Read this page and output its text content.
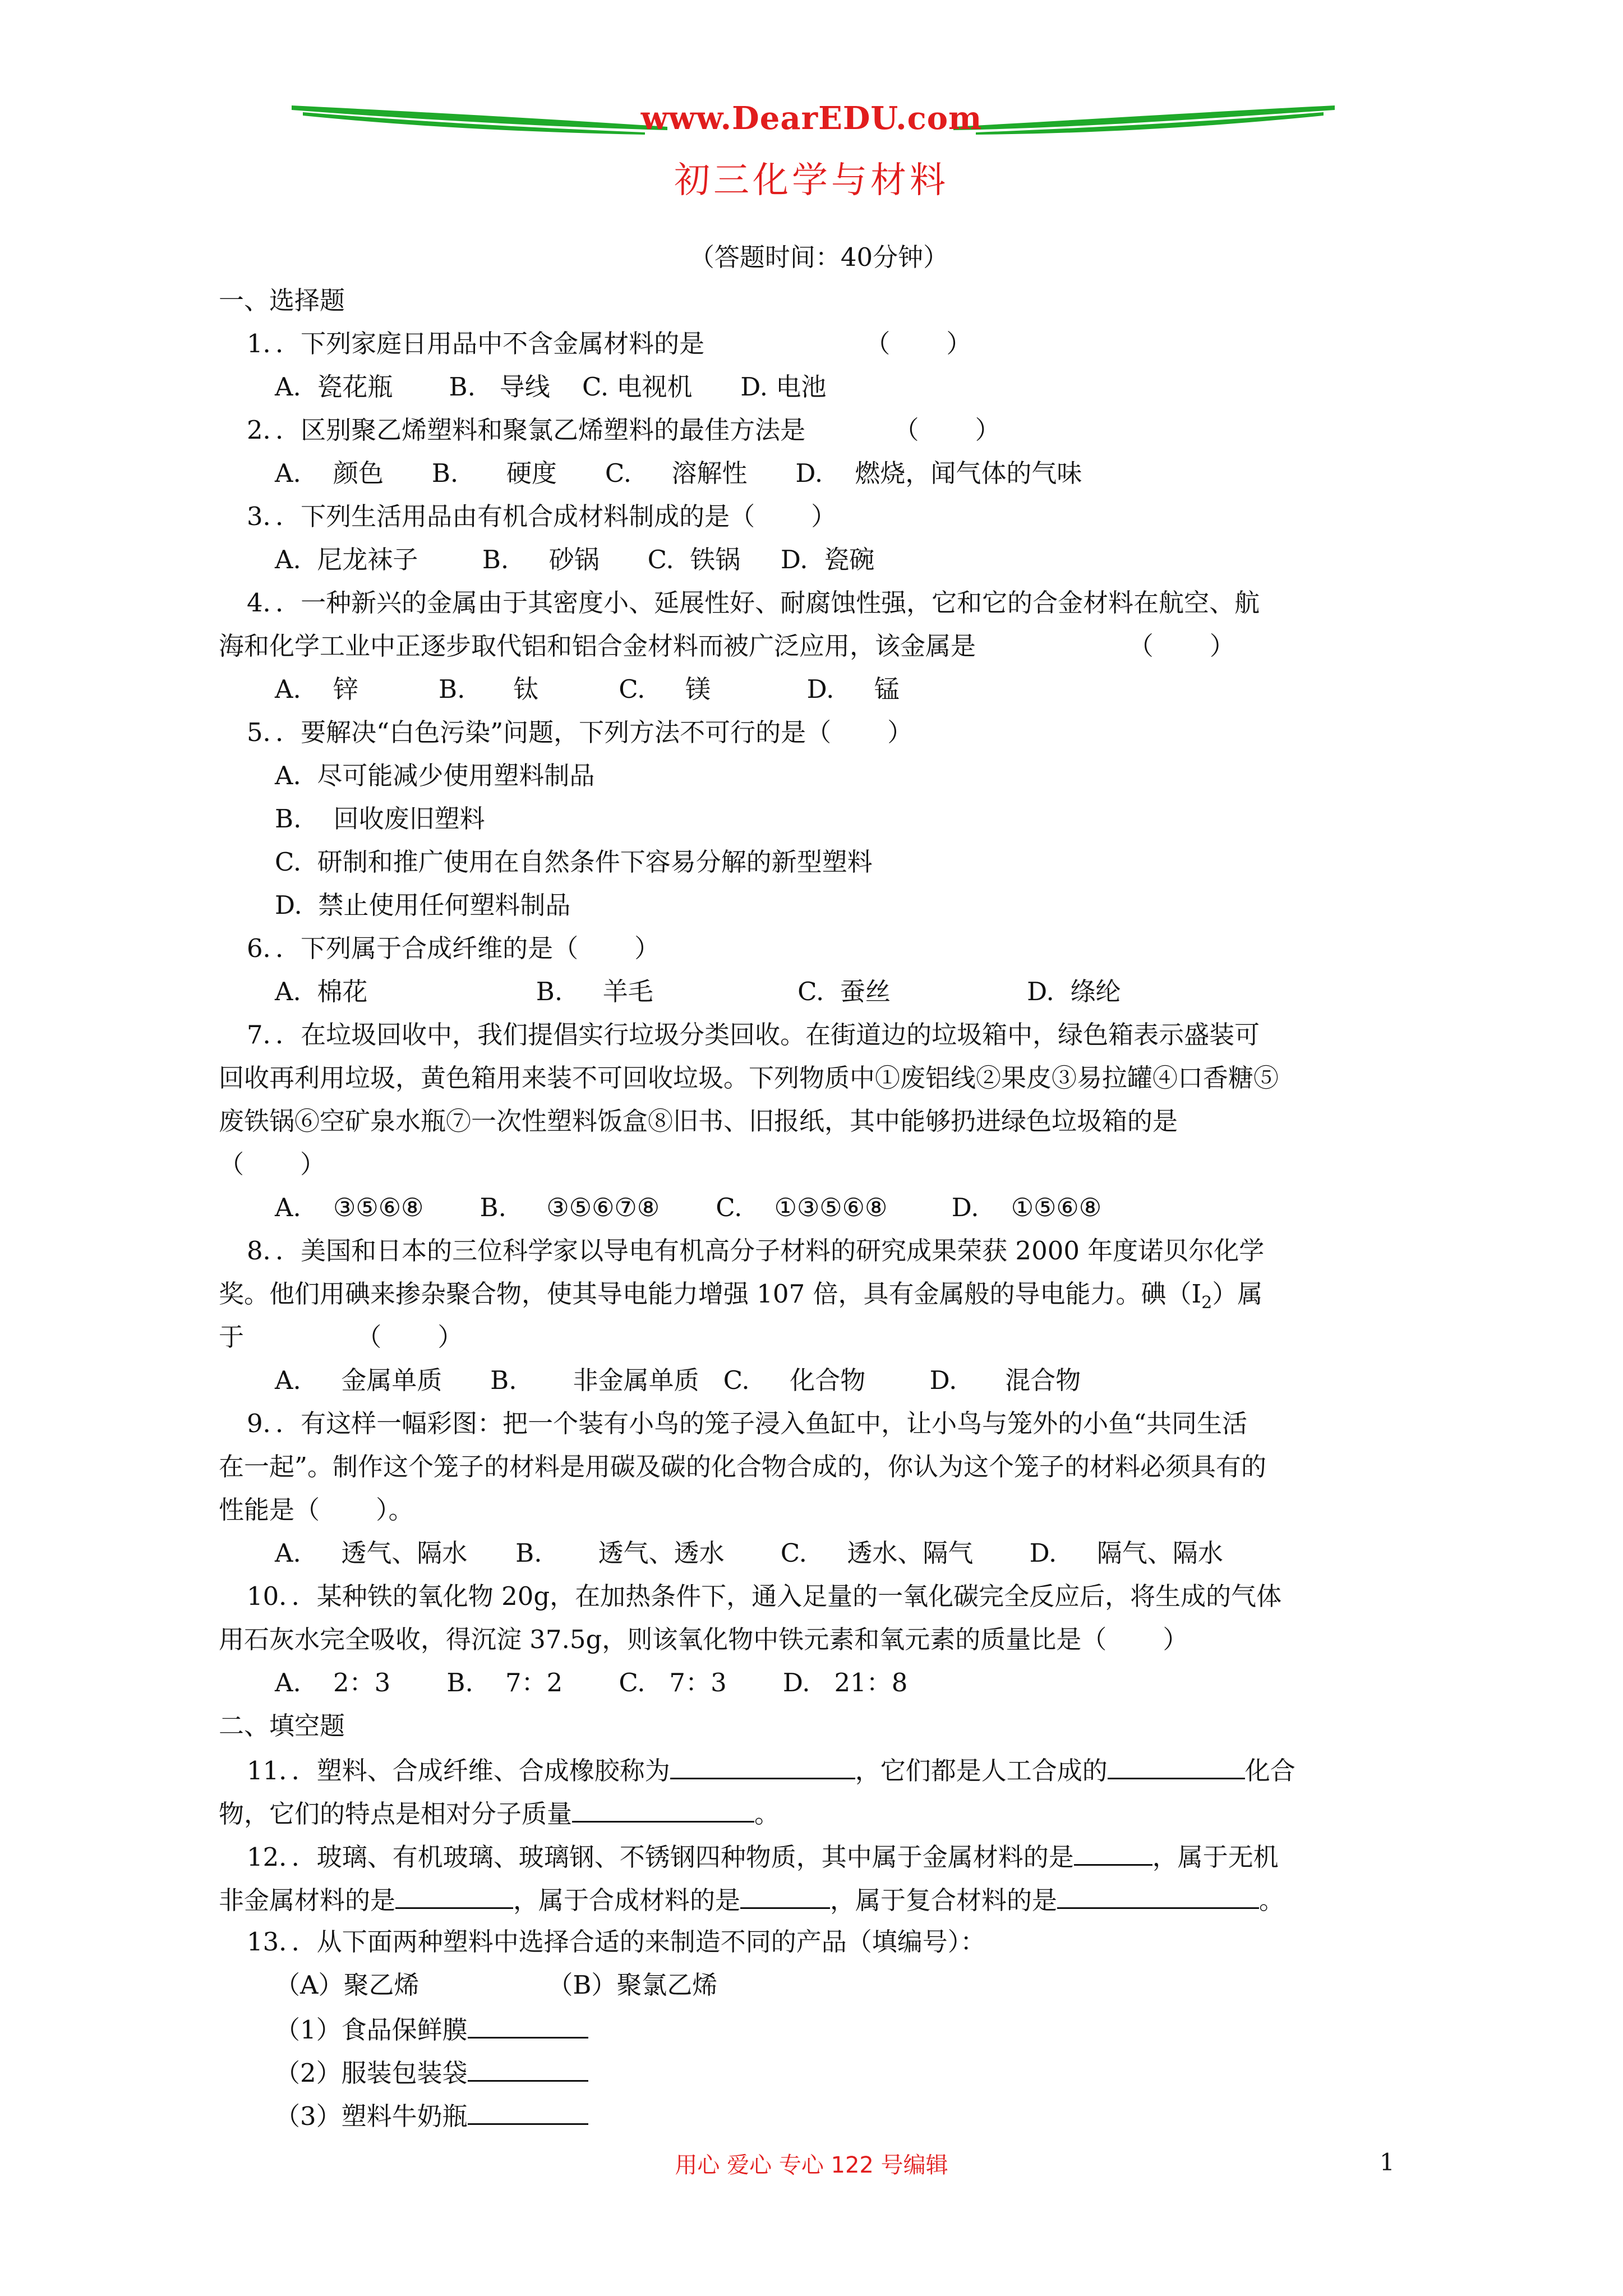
www.DearEDU.com
初三化学与材料
（答题时间：40分钟）
一、选择题
1．．下列家庭日用品中不含金属材料的是                    （       ）
A.  瓷花瓶       B.   导线    C. 电视机      D. 电池
2．．区别聚乙烯塑料和聚氯乙烯塑料的最佳方法是           （       ）
A.    颜色      B.      硬度      C.     溶解性      D.    燃烧，闻气体的气味
3．．下列生活用品由有机合成材料制成的是（       ）
A.  尼龙袜子        B.     砂锅      C.  铁锅     D.  瓷碗
4．．一种新兴的金属由于其密度小、延展性好、耐腐蚀性强，它和它的合金材料在航空、航
海和化学工业中正逐步取代铝和铝合金材料而被广泛应用，该金属是                   （       ）
A.    锌          B.      钛          C.     镁            D.     锰
5．．要解决“白色污染”问题，下列方法不可行的是（       ）
A.  尽可能减少使用塑料制品
B.    回收废旧塑料
C.  研制和推广使用在自然条件下容易分解的新型塑料
D.  禁止使用任何塑料制品
6．．下列属于合成纤维的是（       ）
A.  棉花                     B.     羊毛                  C.  蚕丝                 D.  绦纶
7．．在垃圾回收中，我们提倡实行垃圾分类回收。在街道边的垃圾箱中，绿色箱表示盛装可
回收再利用垃圾，黄色箱用来装不可回收垃圾。下列物质中①废铝线②果皮③易拉罐④口香糖⑤
废铁锅⑥空矿泉水瓶⑦一次性塑料饭盒⑧旧书、旧报纸，其中能够扔进绿色垃圾箱的是
（       ）
A.    ③⑤⑥⑧       B.     ③⑤⑥⑦⑧       C.    ①③⑤⑥⑧        D.    ①⑤⑥⑧
8．．美国和日本的三位科学家以导电有机高分子材料的研究成果荣获 2000 年度诺贝尔化学
奖。他们用碘来掺杂聚合物，使其导电能力增强 107 倍，具有金属般的导电能力。碘$(I_2)$属
于              （       ）
A.     金属单质      B.       非金属单质   C.     化合物        D.      混合物
9．．有这样一幅彩图：把一个装有小鸟的笼子浸入鱼缸中，让小鸟与笼外的小鱼“共同生活
在一起”。制作这个笼子的材料是用碳及碳的化合物合成的，你认为这个笼子的材料必须具有的
性能是（       ）。
A.     透气、隔水      B.       透气、透水       C.     透水、隔气       D.     隔气、隔水
10．．某种铁的氧化物 20g，在加热条件下，通入足量的一氧化碳完全反应后，将生成的气体
用石灰水完全吸收，得沉淀 37.5g，则该氧化物中铁元素和氧元素的质量比是（       ）
A.    2：3       B.    7：2       C.   7：3       D.   21：8
二、填空题
11．．塑料、合成纤维、合成橡胶称为	，它们都是人工合成的	化合
物，它们的特点是相对分子质量	。
12．．玻璃、有机玻璃、玻璃钢、不锈钢四种物质，其中属于金属材料的是	，属于无机
非金属材料的是	，属于合成材料的是	，属于复合材料的是	。
13．．从下面两种塑料中选择合适的来制造不同的产品（填编号）：
（A）聚乙烯                （B）聚氯乙烯
（1）食品保鲜膜
（2）服装包装袋
（3）塑料牛奶瓶
用心 爱心 专心 122 号编辑	1
